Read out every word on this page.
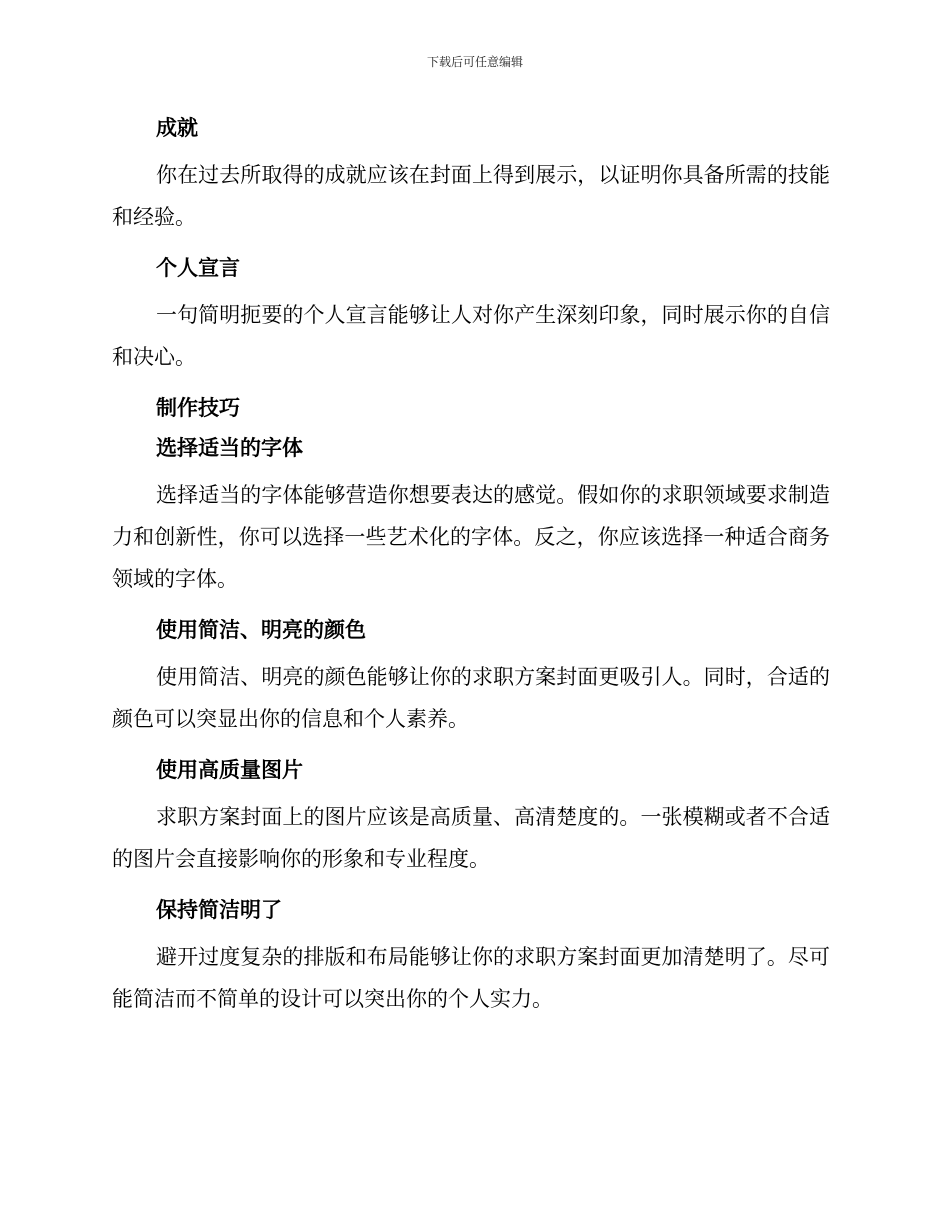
下载后可任意编辑
成就

你在过去所取得的成就应该在封面上得到展示，以证明你具备所需的技能和经验。

个人宣言

一句简明扼要的个人宣言能够让人对你产生深刻印象，同时展示你的自信和决心。

制作技巧
选择适当的字体

选择适当的字体能够营造你想要表达的感觉。假如你的求职领域要求制造力和创新性，你可以选择一些艺术化的字体。反之，你应该选择一种适合商务领域的字体。

使用简洁、明亮的颜色

使用简洁、明亮的颜色能够让你的求职方案封面更吸引人。同时，合适的颜色可以突显出你的信息和个人素养。

使用高质量图片

求职方案封面上的图片应该是高质量、高清楚度的。一张模糊或者不合适的图片会直接影响你的形象和专业程度。

保持简洁明了

避开过度复杂的排版和布局能够让你的求职方案封面更加清楚明了。尽可能简洁而不简单的设计可以突出你的个人实力。
